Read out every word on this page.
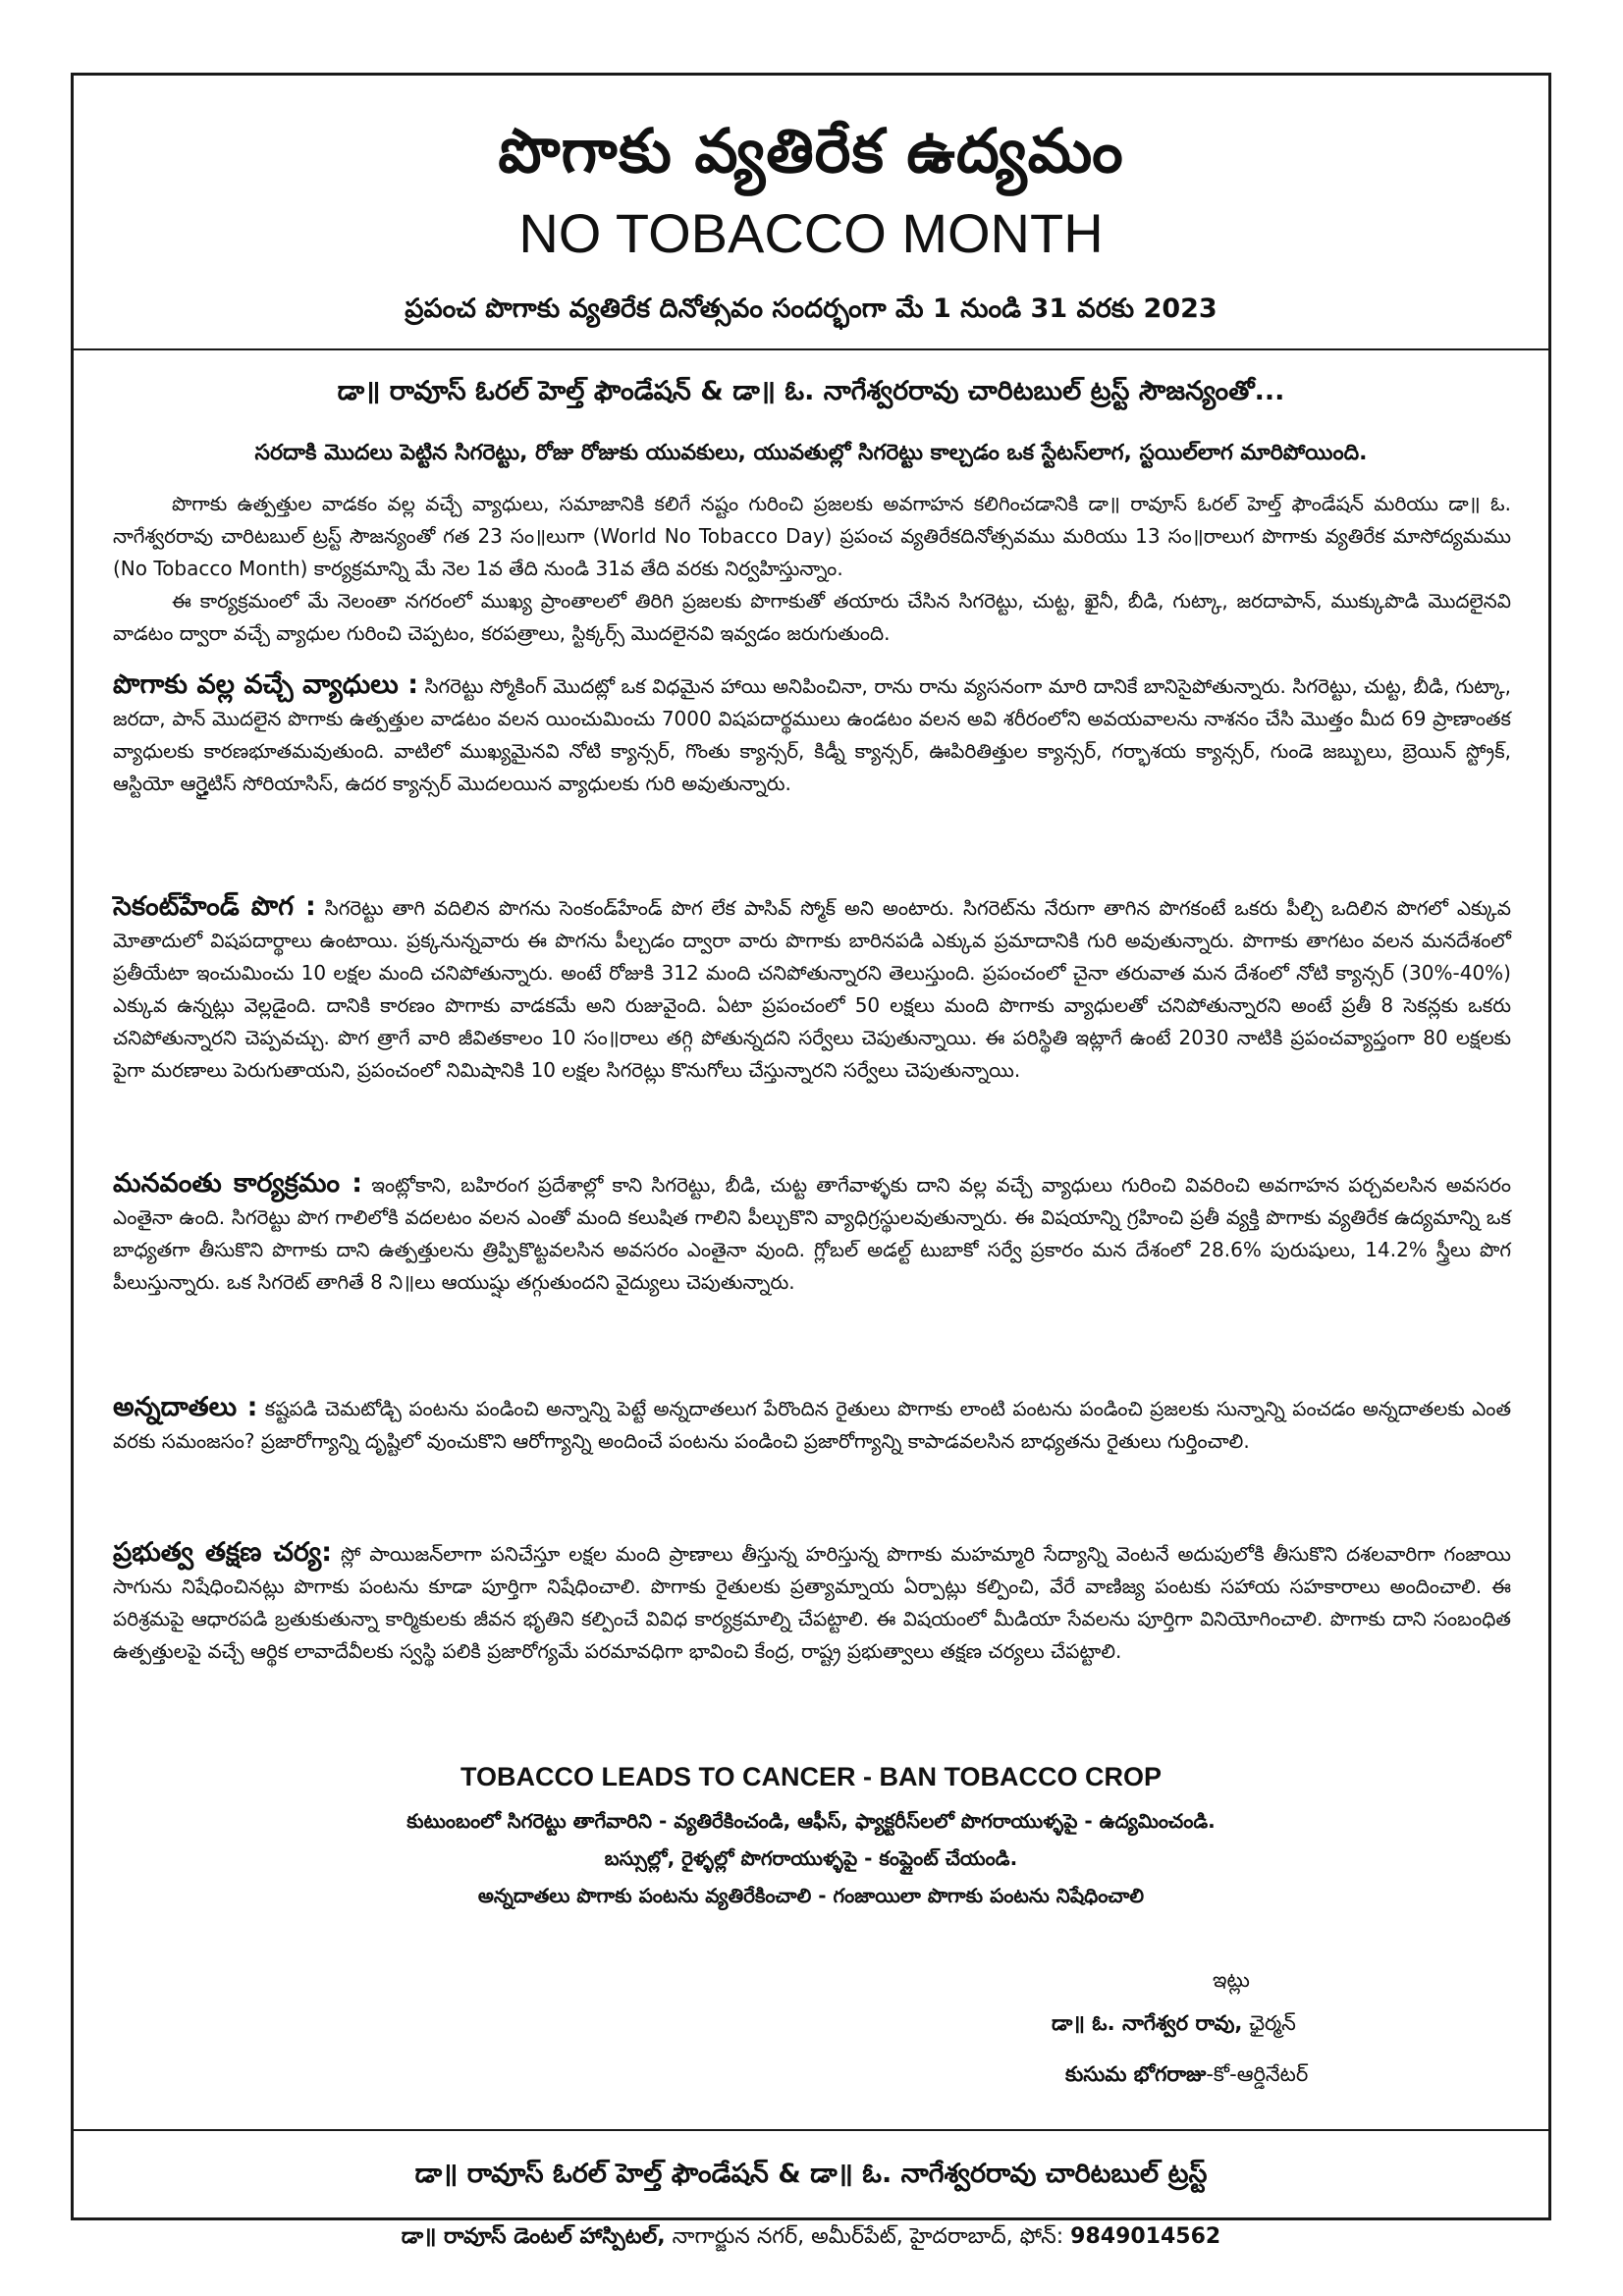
పొగాకు వ్యతిరేక ఉద్యమం
NO TOBACCO MONTH
ప్రపంచ పొగాకు వ్యతిరేక దినోత్సవం సందర్భంగా మే 1 నుండి 31 వరకు 2023
డా॥ రావూస్ ఓరల్ హెల్త్ ఫౌండేషన్ & డా॥ ఓ. నాగేశ్వరరావు చారిటబుల్ ట్రస్ట్ సౌజన్యంతో...
సరదాకి మొదలు పెట్టిన సిగరెట్టు, రోజు రోజుకు యువకులు, యువతుల్లో సిగరెట్టు కాల్చడం ఒక స్టేటస్‌లాగ, స్టయిల్‌లాగ మారిపోయింది.

పొగాకు ఉత్పత్తుల వాడకం వల్ల వచ్చే వ్యాధులు, సమాజానికి కలిగే నష్టం గురించి ప్రజలకు అవగాహన కలిగించడానికి డా॥ రావూస్ ఓరల్ హెల్త్ ఫౌండేషన్ మరియు డా॥ ఓ. నాగేశ్వరరావు చారిటబుల్ ట్రస్ట్ సౌజన్యంతో గత 23 సం॥లుగా (World No Tobacco Day) ప్రపంచ వ్యతిరేకదినోత్సవము మరియు 13 సం॥రాలుగ పొగాకు వ్యతిరేక మాసోద్యమము (No Tobacco Month) కార్యక్రమాన్ని మే నెల 1వ తేది నుండి 31వ తేది వరకు నిర్వహిస్తున్నాం.

ఈ కార్యక్రమంలో మే నెలంతా నగరంలో ముఖ్య ప్రాంతాలలో తిరిగి ప్రజలకు పొగాకుతో తయారు చేసిన సిగరెట్టు, చుట్ట, ఖైనీ, బీడి, గుట్కా, జరదాపాన్, ముక్కుపొడి మొదలైనవి వాడటం ద్వారా వచ్చే వ్యాధుల గురించి చెప్పటం, కరపత్రాలు, స్టిక్కర్స్ మొదలైనవి ఇవ్వడం జరుగుతుంది.

పొగాకు వల్ల వచ్చే వ్యాధులు : సిగరెట్టు స్మోకింగ్ మొదట్లో ఒక విధమైన హాయి అనిపించినా, రాను రాను వ్యసనంగా మారి దానికే బానిసైపోతున్నారు. సిగరెట్టు, చుట్ట, బీడి, గుట్కా, జరదా, పాన్ మొదలైన పొగాకు ఉత్పత్తుల వాడటం వలన యించుమించు 7000 విషపదార్థములు ఉండటం వలన అవి శరీరంలోని అవయవాలను నాశనం చేసి మొత్తం మీద 69 ప్రాణాంతక వ్యాధులకు కారణభూతమవుతుంది. వాటిలో ముఖ్యమైనవి నోటి క్యాన్సర్, గొంతు క్యాన్సర్, కిడ్నీ క్యాన్సర్, ఊపిరితిత్తుల క్యాన్సర్, గర్భాశయ క్యాన్సర్, గుండె జబ్బులు, బ్రెయిన్ స్ట్రోక్, ఆస్టియో ఆర్త్రైటిస్ సోరియాసిస్, ఉదర క్యాన్సర్ మొదలయిన వ్యాధులకు గురి అవుతున్నారు.
సెకంట్‌హేండ్ పొగ : సిగరెట్టు తాగి వదిలిన పొగను సెంకండ్‌హేండ్ పొగ లేక పాసివ్ స్మోక్ అని అంటారు. సిగరెట్‌ను నేరుగా తాగిన పొగకంటే ఒకరు పీల్చి ఒదిలిన పొగలో ఎక్కువ మోతాదులో విషపదార్థాలు ఉంటాయి. ప్రక్కనున్నవారు ఈ పొగను పీల్చడం ద్వారా వారు పొగాకు బారినపడి ఎక్కువ ప్రమాదానికి గురి అవుతున్నారు. పొగాకు తాగటం వలన మనదేశంలో ప్రతీయేటా ఇంచుమించు 10 లక్షల మంది చనిపోతున్నారు. అంటే రోజుకి 312 మంది చనిపోతున్నారని తెలుస్తుంది. ప్రపంచంలో చైనా తరువాత మన దేశంలో నోటి క్యాన్సర్ (30%-40%) ఎక్కువ ఉన్నట్లు వెల్లడైంది. దానికి కారణం పొగాకు వాడకమే అని రుజువైంది. ఏటా ప్రపంచంలో 50 లక్షలు మంది పొగాకు వ్యాధులతో చనిపోతున్నారని అంటే ప్రతీ 8 సెకన్లకు ఒకరు చనిపోతున్నారని చెప్పవచ్చు. పొగ త్రాగే వారి జీవితకాలం 10 సం॥రాలు తగ్గి పోతున్నదని సర్వేలు చెపుతున్నాయి. ఈ పరిస్థితి ఇట్లాగే ఉంటే 2030 నాటికి ప్రపంచవ్యాప్తంగా 80 లక్షలకు పైగా మరణాలు పెరుగుతాయని, ప్రపంచంలో నిమిషానికి 10 లక్షల సిగరెట్లు కొనుగోలు చేస్తున్నారని సర్వేలు చెపుతున్నాయి.
మనవంతు కార్యక్రమం : ఇంట్లోకాని, బహిరంగ ప్రదేశాల్లో కాని సిగరెట్టు, బీడి, చుట్ట తాగేవాళ్ళకు దాని వల్ల వచ్చే వ్యాధులు గురించి వివరించి అవగాహన పర్చవలసిన అవసరం ఎంతైనా ఉంది. సిగరెట్టు పొగ గాలిలోకి వదలటం వలన ఎంతో మంది కలుషిత గాలిని పీల్చుకొని వ్యాధిగ్రస్థులవుతున్నారు. ఈ విషయాన్ని గ్రహించి ప్రతీ వ్యక్తి పొగాకు వ్యతిరేక ఉద్యమాన్ని ఒక బాధ్యతగా తీసుకొని పొగాకు దాని ఉత్పత్తులను త్రిప్పికొట్టవలసిన అవసరం ఎంతైనా వుంది. గ్లోబల్ అడల్ట్ టుబాకో సర్వే ప్రకారం మన దేశంలో 28.6% పురుషులు, 14.2% స్త్రీలు పొగ పీలుస్తున్నారు. ఒక సిగరెట్ తాగితే 8 ని॥లు ఆయుష్షు తగ్గుతుందని వైద్యులు చెపుతున్నారు.
అన్నదాతలు : కష్టపడి చెమటోడ్చి పంటను పండించి అన్నాన్ని పెట్టే అన్నదాతలుగ పేరొందిన రైతులు పొగాకు లాంటి పంటను పండించి ప్రజలకు సున్నాన్ని పంచడం అన్నదాతలకు ఎంత వరకు సమంజసం? ప్రజారోగ్యాన్ని దృష్టిలో వుంచుకొని ఆరోగ్యాన్ని అందించే పంటను పండించి ప్రజారోగ్యాన్ని కాపాడవలసిన బాధ్యతను రైతులు గుర్తించాలి.
ప్రభుత్వ తక్షణ చర్య: స్లో పాయిజన్‌లాగా పనిచేస్తూ లక్షల మంది ప్రాణాలు తీస్తున్న హరిస్తున్న పొగాకు మహమ్మారి సేద్యాన్ని వెంటనే అదుపులోకి తీసుకొని దశలవారిగా గంజాయి సాగును నిషేధించినట్లు పొగాకు పంటను కూడా పూర్తిగా నిషేధించాలి. పొగాకు రైతులకు ప్రత్యామ్నాయ ఏర్పాట్లు కల్పించి, వేరే వాణిజ్య పంటకు సహాయ సహకారాలు అందించాలి. ఈ పరిశ్రమపై ఆధారపడి బ్రతుకుతున్నా కార్మికులకు జీవన భృతిని కల్పించే వివిధ కార్యక్రమాల్ని చేపట్టాలి. ఈ విషయంలో మీడియా సేవలను పూర్తిగా వినియోగించాలి. పొగాకు దాని సంబంధిత ఉత్పత్తులపై వచ్చే ఆర్థిక లావాదేవీలకు స్వస్థి పలికి ప్రజారోగ్యమే పరమావధిగా భావించి కేంద్ర, రాష్ట్ర ప్రభుత్వాలు తక్షణ చర్యలు చేపట్టాలి.
TOBACCO LEADS TO CANCER - BAN TOBACCO CROP
కుటుంబంలో సిగరెట్టు తాగేవారిని - వ్యతిరేకించండి, ఆఫీస్, ఫ్యాక్టరీస్‌లలో పొగరాయుళ్ళపై - ఉద్యమించండి.
బస్సుల్లో, రైళ్ళల్లో పొగరాయుళ్ళపై - కంప్లైంట్ చేయండి.
అన్నదాతలు పొగాకు పంటను వ్యతిరేకించాలి - గంజాయిలా పొగాకు పంటను నిషేధించాలి
ఇట్లు
డా॥ ఓ. నాగేశ్వర రావు, ఛైర్మన్
కుసుమ భోగరాజు-కో-ఆర్డినేటర్
డా॥ రావూస్ ఓరల్ హెల్త్ ఫౌండేషన్ & డా॥ ఓ. నాగేశ్వరరావు చారిటబుల్ ట్రస్ట్
డా॥ రావూస్ డెంటల్ హాస్పిటల్, నాగార్జున నగర్, అమీర్‌పేట్, హైదరాబాద్, ఫోన్: 9849014562
